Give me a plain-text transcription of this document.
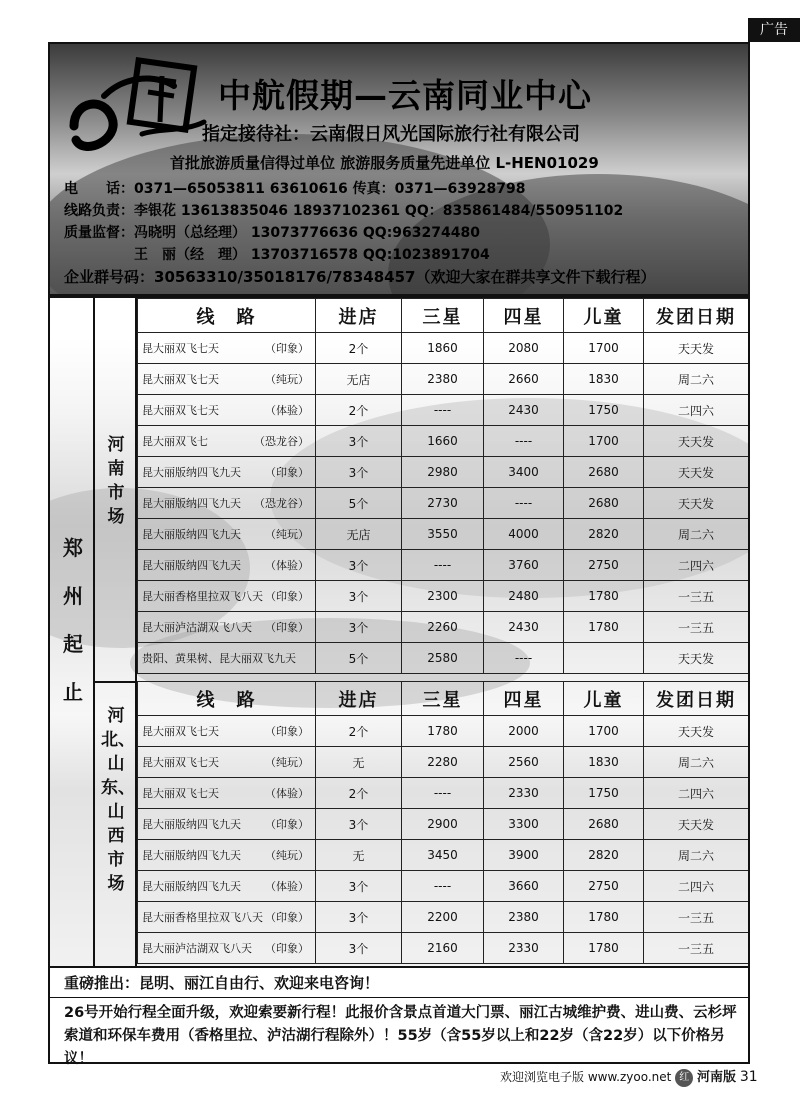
广告
中航假期—云南同业中心
指定接待社：云南假日风光国际旅行社有限公司
首批旅游质量信得过单位 旅游服务质量先进单位 L-HEN01029
电　　话：0371—65053811 63610616 传真：0371—63928798
线路负责：李银花 13613835046 18937102361 QQ：835861484/550951102
质量监督：冯晓明（总经理） 13073776636 QQ:963274480
　　　　　王　丽（经　理） 13703716578 QQ:1023891704
企业群号码：30563310/35018176/78348457（欢迎大家在群共享文件下载行程）
郑州起止
河南市场
河北、山东、山西市场
线　路	进店	三星	四星	儿童	发团日期

（印象）
昆大丽双飞七天	2个	1860	2080	1700	天天发

（纯玩）
昆大丽双飞七天	无店	2380	2660	1830	周二六

（体验）
昆大丽双飞七天	2个	----	2430	1750	二四六

（恐龙谷）
昆大丽双飞七	3个	1660	----	1700	天天发

（印象）
昆大丽版纳四飞九天	3个	2980	3400	2680	天天发

（恐龙谷）
昆大丽版纳四飞九天	5个	2730	----	2680	天天发

（纯玩）
昆大丽版纳四飞九天	无店	3550	4000	2820	周二六

（体验）
昆大丽版纳四飞九天	3个	----	3760	2750	二四六

（印象）
昆大丽香格里拉双飞八天	3个	2300	2480	1780	一三五

（印象）
昆大丽泸沽湖双飞八天	3个	2260	2430	1780	一三五

贵阳、黄果树、昆大丽双飞九天	5个	2580	----		天天发
线　路	进店	三星	四星	儿童	发团日期

（印象）
昆大丽双飞七天	2个	1780	2000	1700	天天发

（纯玩）
昆大丽双飞七天	无	2280	2560	1830	周二六

（体验）
昆大丽双飞七天	2个	----	2330	1750	二四六

（印象）
昆大丽版纳四飞九天	3个	2900	3300	2680	天天发

（纯玩）
昆大丽版纳四飞九天	无	3450	3900	2820	周二六

（体验）
昆大丽版纳四飞九天	3个	----	3660	2750	二四六

（印象）
昆大丽香格里拉双飞八天	3个	2200	2380	1780	一三五

（印象）
昆大丽泸沽湖双飞八天	3个	2160	2330	1780	一三五
重磅推出：昆明、丽江自由行、欢迎来电咨询！
26号开始行程全面升级，欢迎索要新行程！此报价含景点首道大门票、丽江古城维护费、进山费、云杉坪索道和环保车费用（香格里拉、泸沽湖行程除外）！55岁（含55岁以上和22岁（含22岁）以下价格另议！
欢迎浏览电子版 www.zyoo.net 红 河南版 31
